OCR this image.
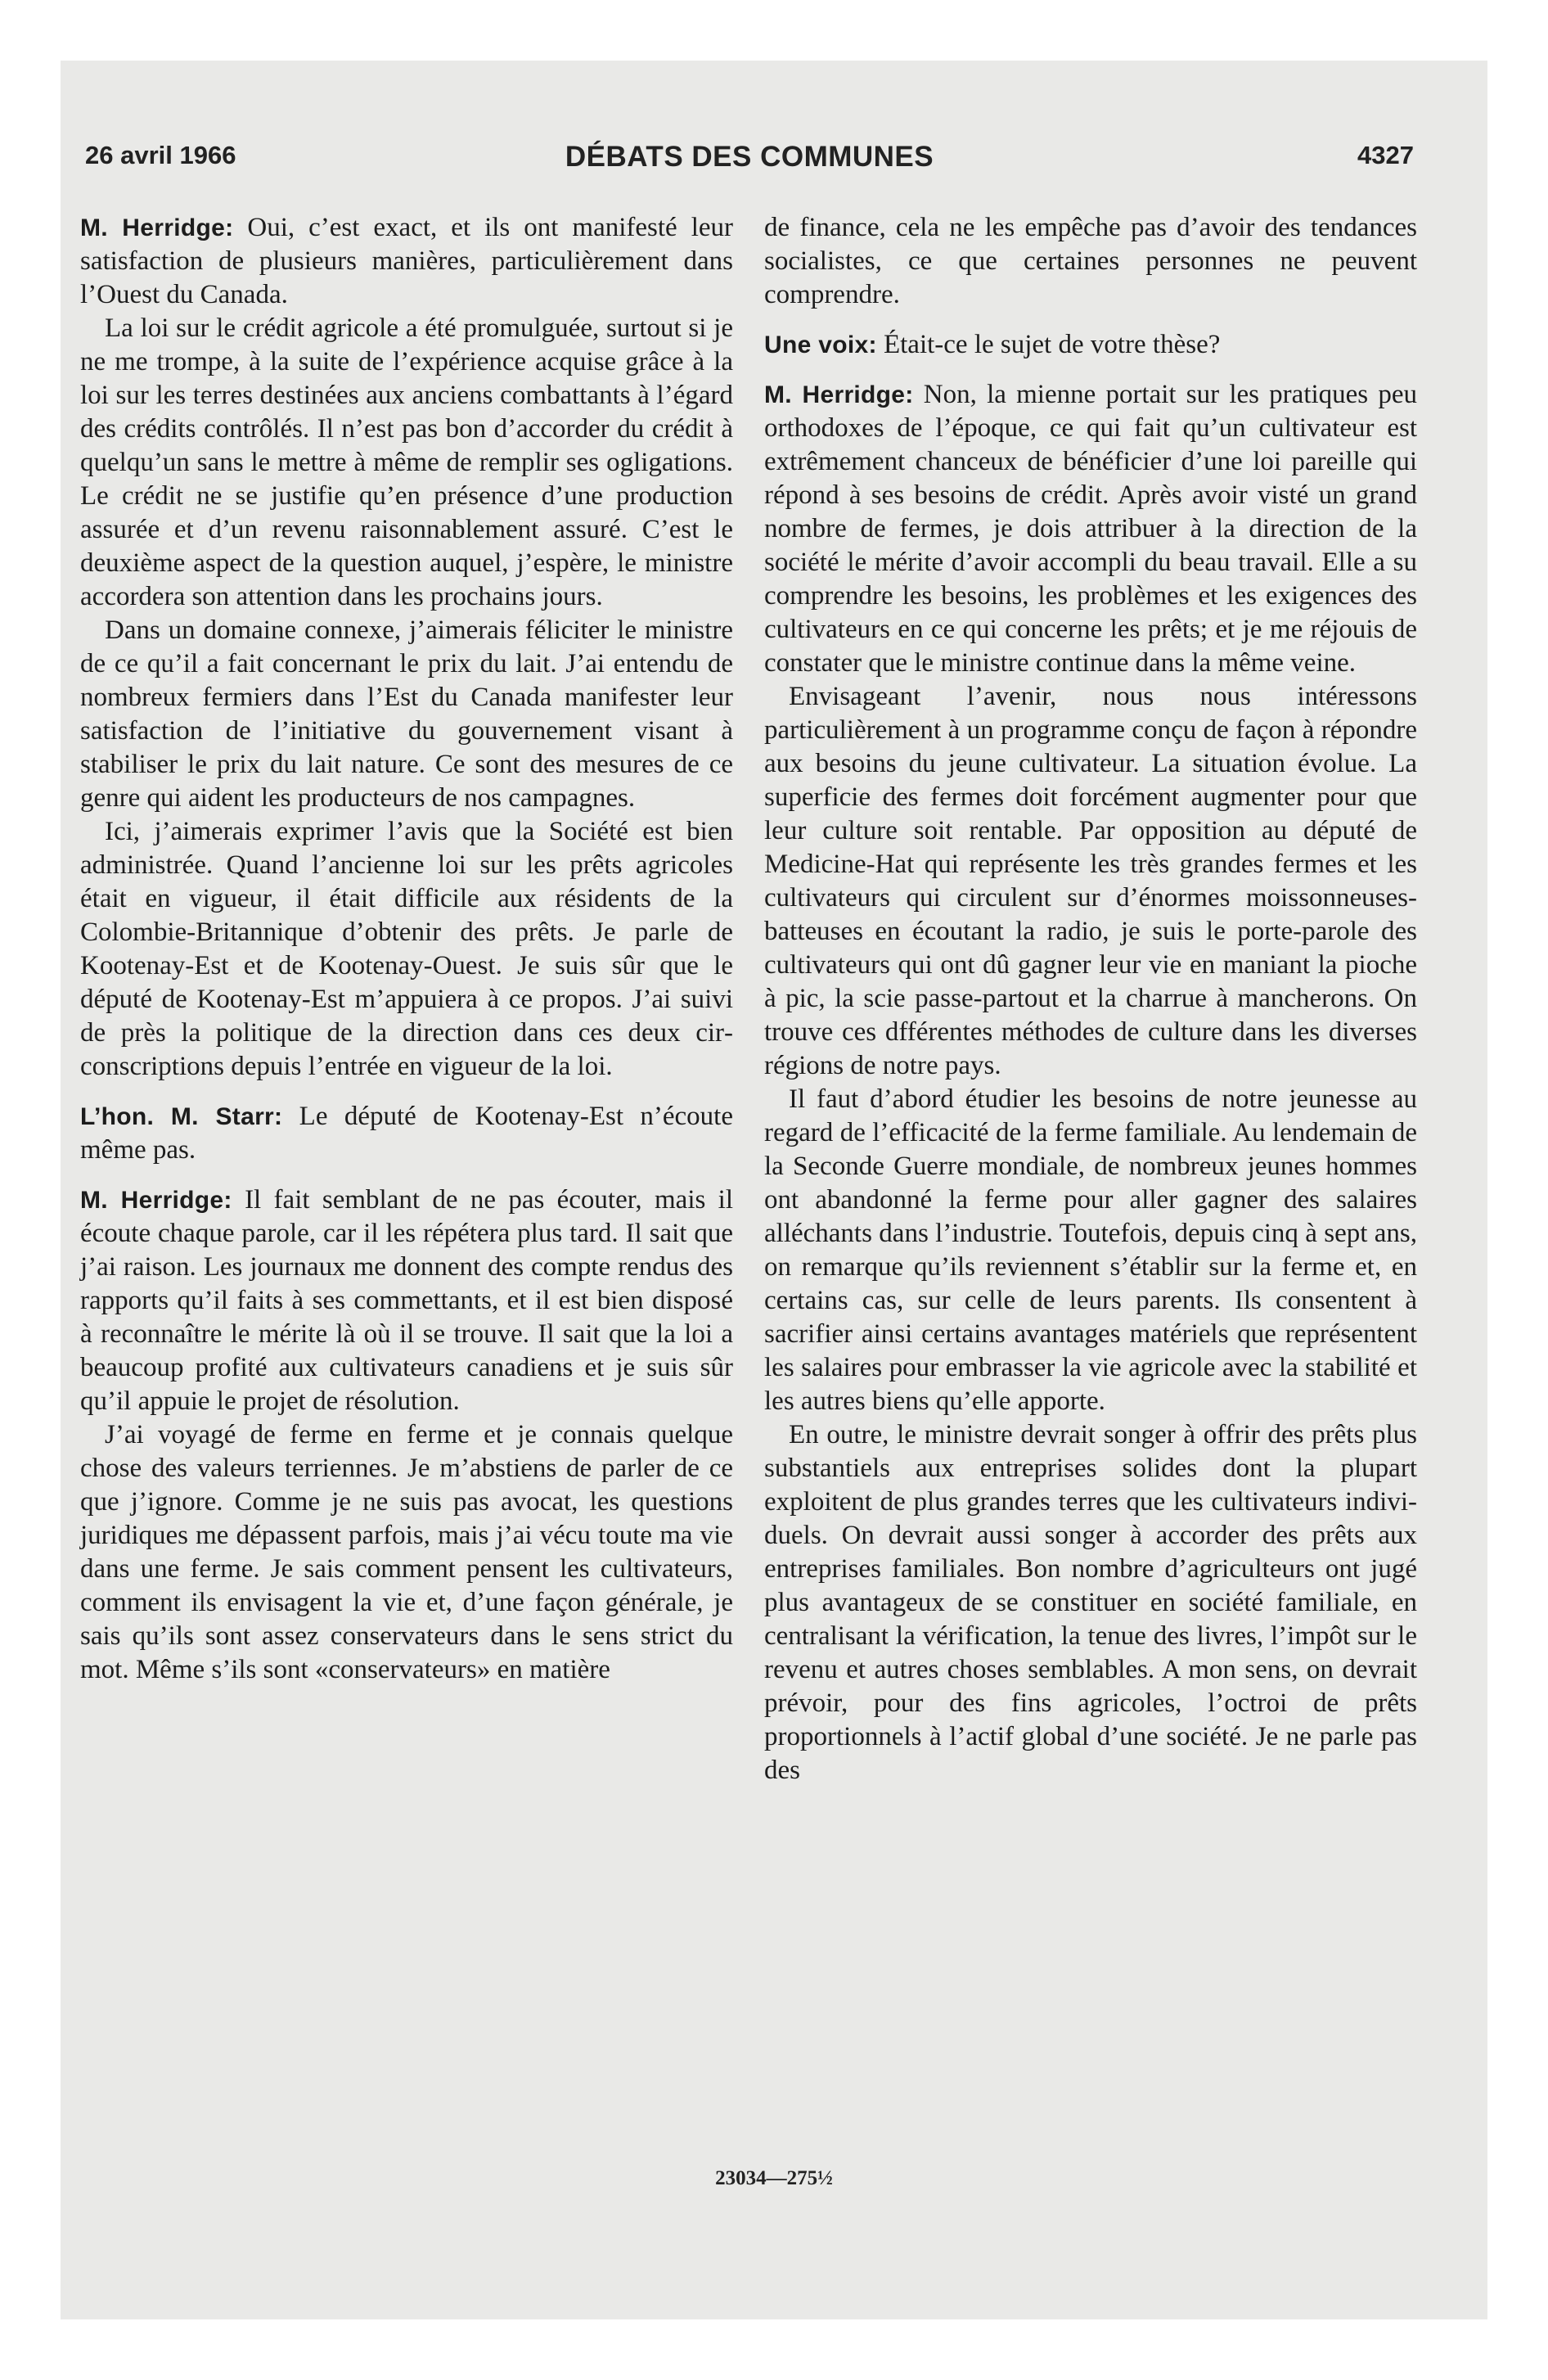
26 avril 1966	DÉBATS DES COMMUNES	4327

M. Herridge: Oui, c’est exact, et ils ont manifesté leur satisfaction de plusieurs manières, particulièrement dans l’Ouest du Canada.

La loi sur le crédit agricole a été promulguée, surtout si je ne me trompe, à la suite de l’expérience acquise grâce à la loi sur les terres destinées aux anciens combattants à l’égard des crédits contrôlés. Il n’est pas bon d’accorder du crédit à quelqu’un sans le mettre à même de remplir ses ogligations. Le crédit ne se justifie qu’en présence d’une production assurée et d’un revenu raisonnablement assuré. C’est le deuxième aspect de la question auquel, j’espère, le ministre accordera son attention dans les prochains jours.

Dans un domaine connexe, j’aimerais féliciter le ministre de ce qu’il a fait concernant le prix du lait. J’ai entendu de nombreux fermiers dans l’Est du Canada manifester leur satisfaction de l’initiative du gouvernement visant à stabiliser le prix du lait nature. Ce sont des mesures de ce genre qui aident les producteurs de nos campagnes.

Ici, j’aimerais exprimer l’avis que la Société est bien administrée. Quand l’ancienne loi sur les prêts agricoles était en vigueur, il était difficile aux résidents de la Colombie-Britannique d’obtenir des prêts. Je parle de Kootenay-Est et de Kootenay-Ouest. Je suis sûr que le député de Kootenay-Est m’appuiera à ce propos. J’ai suivi de près la politique de la direction dans ces deux circonscriptions depuis l’entrée en vigueur de la loi.

L’hon. M. Starr: Le député de Kootenay-Est n’écoute même pas.

M. Herridge: Il fait semblant de ne pas écouter, mais il écoute chaque parole, car il les répétera plus tard. Il sait que j’ai raison. Les journaux me donnent des compte rendus des rapports qu’il faits à ses commettants, et il est bien disposé à reconnaître le mérite là où il se trouve. Il sait que la loi a beaucoup profité aux cultivateurs canadiens et je suis sûr qu’il appuie le projet de résolution.

J’ai voyagé de ferme en ferme et je connais quelque chose des valeurs terriennes. Je m’abstiens de parler de ce que j’ignore. Comme je ne suis pas avocat, les questions juridiques me dépassent parfois, mais j’ai vécu toute ma vie dans une ferme. Je sais comment pensent les cultivateurs, comment ils envisagent la vie et, d’une façon générale, je sais qu’ils sont assez conservateurs dans le sens strict du mot. Même s’ils sont «conservateurs» en matière

de finance, cela ne les empêche pas d’avoir des tendances socialistes, ce que certaines personnes ne peuvent comprendre.

Une voix: Était-ce le sujet de votre thèse?

M. Herridge: Non, la mienne portait sur les pratiques peu orthodoxes de l’époque, ce qui fait qu’un cultivateur est extrêmement chanceux de bénéficier d’une loi pareille qui répond à ses besoins de crédit. Après avoir visté un grand nombre de fermes, je dois attribuer à la direction de la société le mérite d’avoir accompli du beau travail. Elle a su comprendre les besoins, les problèmes et les exigences des cultivateurs en ce qui concerne les prêts; et je me réjouis de constater que le ministre continue dans la même veine.

Envisageant l’avenir, nous nous intéressons particulièrement à un programme conçu de façon à répondre aux besoins du jeune cultivateur. La situation évolue. La superficie des fermes doit forcément augmenter pour que leur culture soit rentable. Par opposition au député de Medicine-Hat qui représente les très grandes fermes et les cultivateurs qui circulent sur d’énormes moissonneuses-batteuses en écoutant la radio, je suis le porte-parole des cultivateurs qui ont dû gagner leur vie en maniant la pioche à pic, la scie passe-partout et la charrue à mancherons. On trouve ces dfférentes méthodes de culture dans les diverses régions de notre pays.

Il faut d’abord étudier les besoins de notre jeunesse au regard de l’efficacité de la ferme familiale. Au lendemain de la Seconde Guerre mondiale, de nombreux jeunes hommes ont abandonné la ferme pour aller gagner des salaires alléchants dans l’industrie. Toutefois, depuis cinq à sept ans, on remarque qu’ils reviennent s’établir sur la ferme et, en certains cas, sur celle de leurs parents. Ils consentent à sacrifier ainsi certains avantages matériels que représentent les salaires pour embrasser la vie agricole avec la stabilité et les autres biens qu’elle apporte.

En outre, le ministre devrait songer à offrir des prêts plus substantiels aux entreprises solides dont la plupart exploitent de plus grandes terres que les cultivateurs individuels. On devrait aussi songer à accorder des prêts aux entreprises familiales. Bon nombre d’agriculteurs ont jugé plus avantageux de se constituer en société familiale, en centralisant la vérification, la tenue des livres, l’impôt sur le revenu et autres choses semblables. A mon sens, on devrait prévoir, pour des fins agricoles, l’octroi de prêts proportionnels à l’actif global d’une société. Je ne parle pas des

23034—275½
